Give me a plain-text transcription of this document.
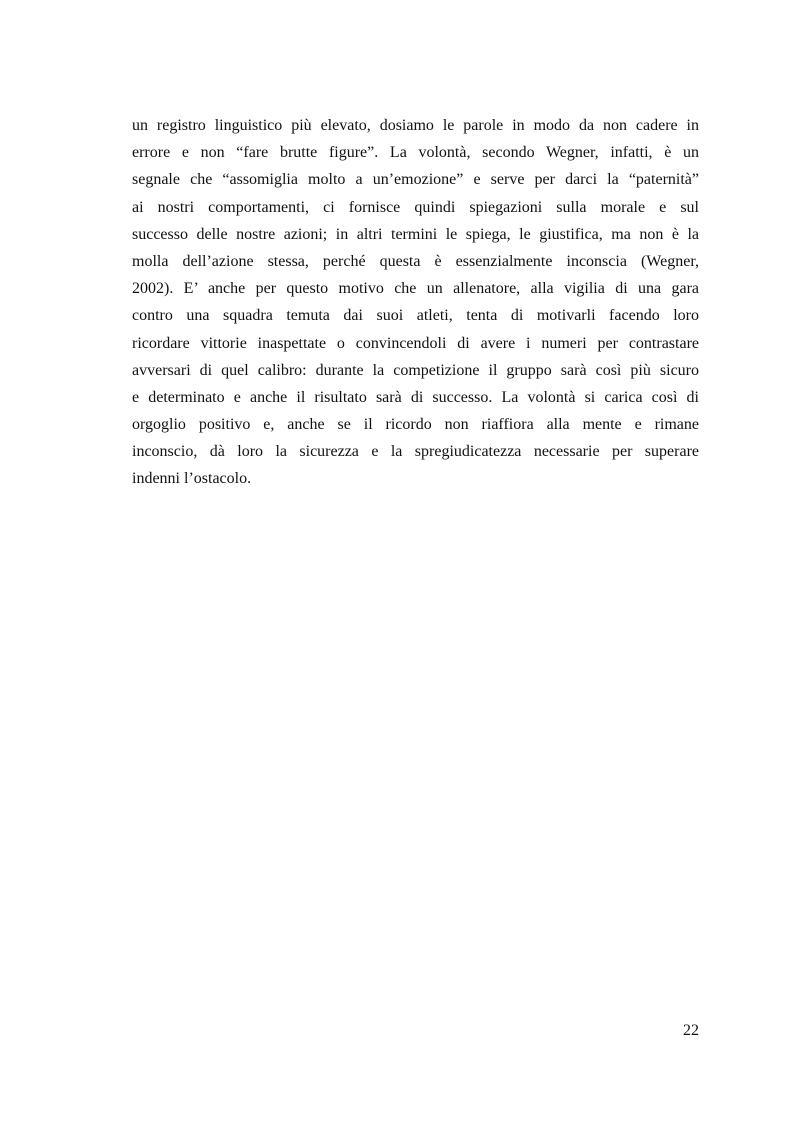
un registro linguistico più elevato, dosiamo le parole in modo da non cadere in
errore e non “fare brutte figure”. La volontà, secondo Wegner, infatti, è un
segnale che “assomiglia molto a un’emozione” e serve per darci la “paternità”
ai nostri comportamenti, ci fornisce quindi spiegazioni sulla morale e sul
successo delle nostre azioni; in altri termini le spiega, le giustifica, ma non è la
molla dell’azione stessa, perché questa è essenzialmente inconscia (Wegner,
2002). E’ anche per questo motivo che un allenatore, alla vigilia di una gara
contro una squadra temuta dai suoi atleti, tenta di motivarli facendo loro
ricordare vittorie inaspettate o convincendoli di avere i numeri per contrastare
avversari di quel calibro: durante la competizione il gruppo sarà così più sicuro
e determinato e anche il risultato sarà di successo. La volontà si carica così di
orgoglio positivo e, anche se il ricordo non riaffiora alla mente e rimane
inconscio, dà loro la sicurezza e la spregiudicatezza necessarie per superare
indenni l’ostacolo.
22
